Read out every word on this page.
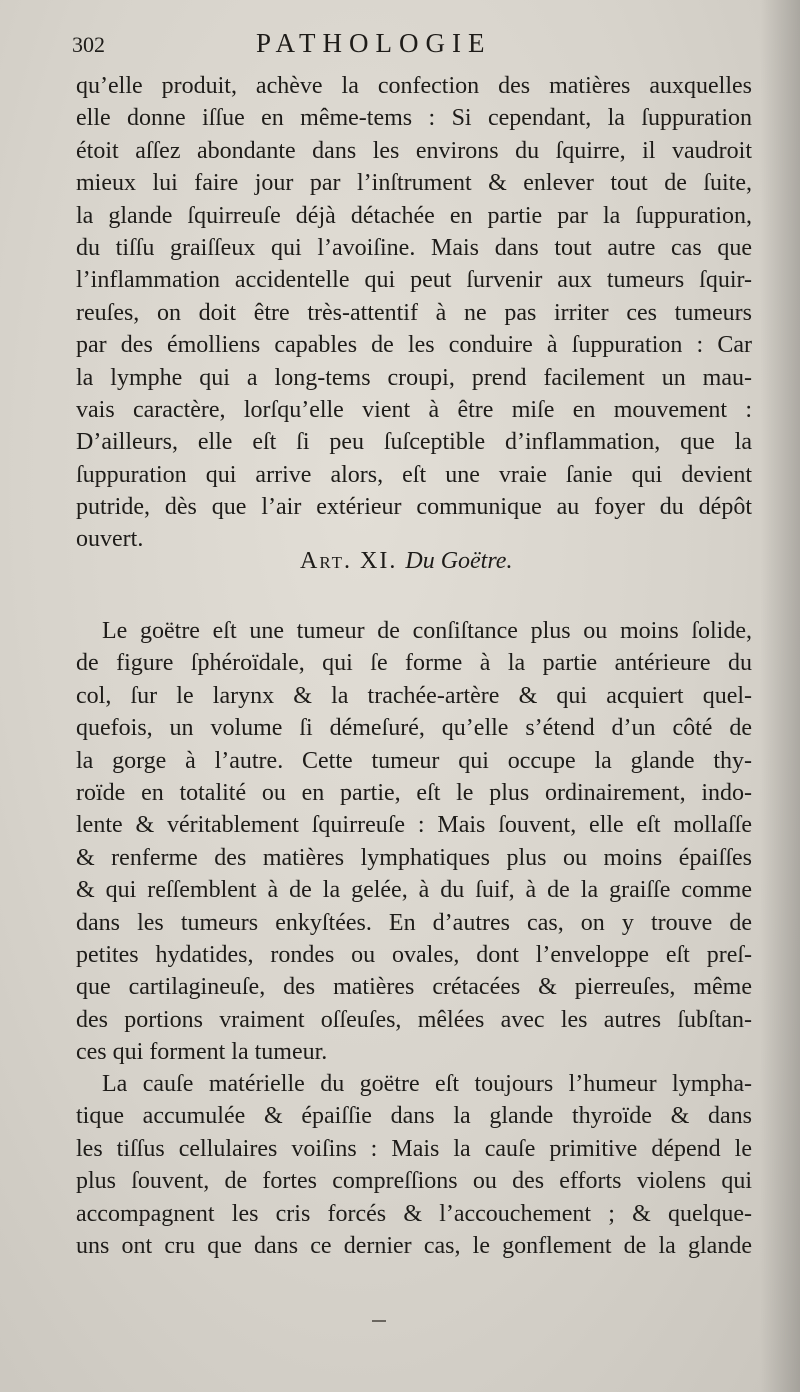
302	PATHOLOGIE
qu’elle produit, achève la confection des matières auxquelles
elle donne iſſue en même-tems : Si cependant, la ſuppuration
étoit aſſez abondante dans les environs du ſquirre, il vaudroit
mieux lui faire jour par l’inſtrument & enlever tout de ſuite,
la glande ſquirreuſe déjà détachée en partie par la ſuppuration,
du tiſſu graiſſeux qui l’avoiſine. Mais dans tout autre cas que
l’inflammation accidentelle qui peut ſurvenir aux tumeurs ſquir-
reuſes, on doit être très-attentif à ne pas irriter ces tumeurs
par des émolliens capables de les conduire à ſuppuration : Car
la lymphe qui a long-tems croupi, prend facilement un mau-
vais caractère, lorſqu’elle vient à être miſe en mouvement :
D’ailleurs, elle eſt ſi peu ſuſceptible d’inflammation, que la
ſuppuration qui arrive alors, eſt une vraie ſanie qui devient
putride, dès que l’air extérieur communique au foyer du dépôt
ouvert.
Art. XI. Du Goëtre.
Le goëtre eſt une tumeur de conſiſtance plus ou moins ſolide,
de figure ſphéroïdale, qui ſe forme à la partie antérieure du
col, ſur le larynx & la trachée-artère & qui acquiert quel-
quefois, un volume ſi démeſuré, qu’elle s’étend d’un côté de
la gorge à l’autre. Cette tumeur qui occupe la glande thy-
roïde en totalité ou en partie, eſt le plus ordinairement, indo-
lente & véritablement ſquirreuſe : Mais ſouvent, elle eſt mollaſſe
& renferme des matières lymphatiques plus ou moins épaiſſes
& qui reſſemblent à de la gelée, à du ſuif, à de la graiſſe comme
dans les tumeurs enkyſtées. En d’autres cas, on y trouve de
petites hydatides, rondes ou ovales, dont l’enveloppe eſt preſ-
que cartilagineuſe, des matières crétacées & pierreuſes, même
des portions vraiment oſſeuſes, mêlées avec les autres ſubſtan-
ces qui forment la tumeur.
La cauſe matérielle du goëtre eſt toujours l’humeur lympha-
tique accumulée & épaiſſie dans la glande thyroïde & dans
les tiſſus cellulaires voiſins : Mais la cauſe primitive dépend le
plus ſouvent, de fortes compreſſions ou des efforts violens qui
accompagnent les cris forcés & l’accouchement ; & quelque-
uns ont cru que dans ce dernier cas, le gonflement de la glande
